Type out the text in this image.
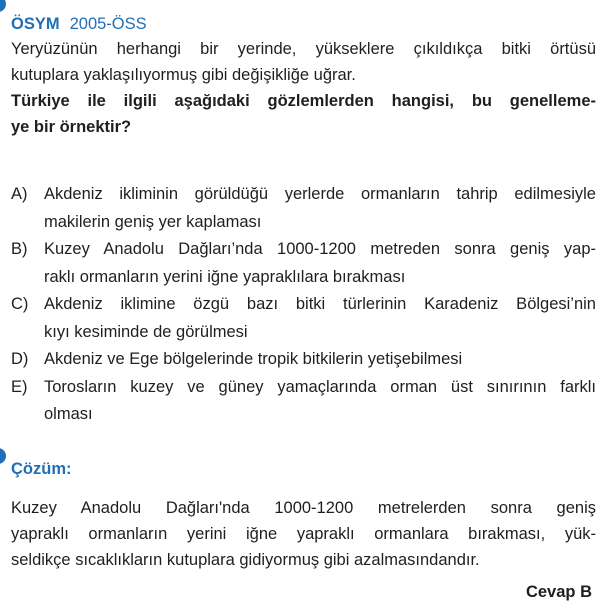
ÖSYM 2005-ÖSS
Yeryüzünün herhangi bir yerinde, yükseklere çıkıldıkça bitki örtüsü
kutuplara yaklaşılıyormuş gibi değişikliğe uğrar.
Türkiye ile ilgili aşağıdaki gözlemlerden hangisi, bu genelleme-
ye bir örnektir?
A)	Akdeniz ikliminin görüldüğü yerlerde ormanların tahrip edilmesiyle
makilerin geniş yer kaplaması
B)	Kuzey Anadolu Dağları’nda 1000-1200 metreden sonra geniş yap-
raklı ormanların yerini iğne yapraklılara bırakması
C) Akdeniz iklimine özgü bazı bitki türlerinin Karadeniz Bölgesi’nin
kıyı kesiminde de görülmesi
D) Akdeniz ve Ege bölgelerinde tropik bitkilerin yetişebilmesi
E)	Torosların kuzey ve güney yamaçlarında orman üst sınırının farklı
olması
Çözüm:
Kuzey Anadolu Dağları'nda 1000-1200 metrelerden sonra geniş
yapraklı ormanların yerini iğne yapraklı ormanlara bırakması, yük-
seldikçe sıcaklıkların kutuplara gidiyormuş gibi azalmasındandır.
Cevap B
